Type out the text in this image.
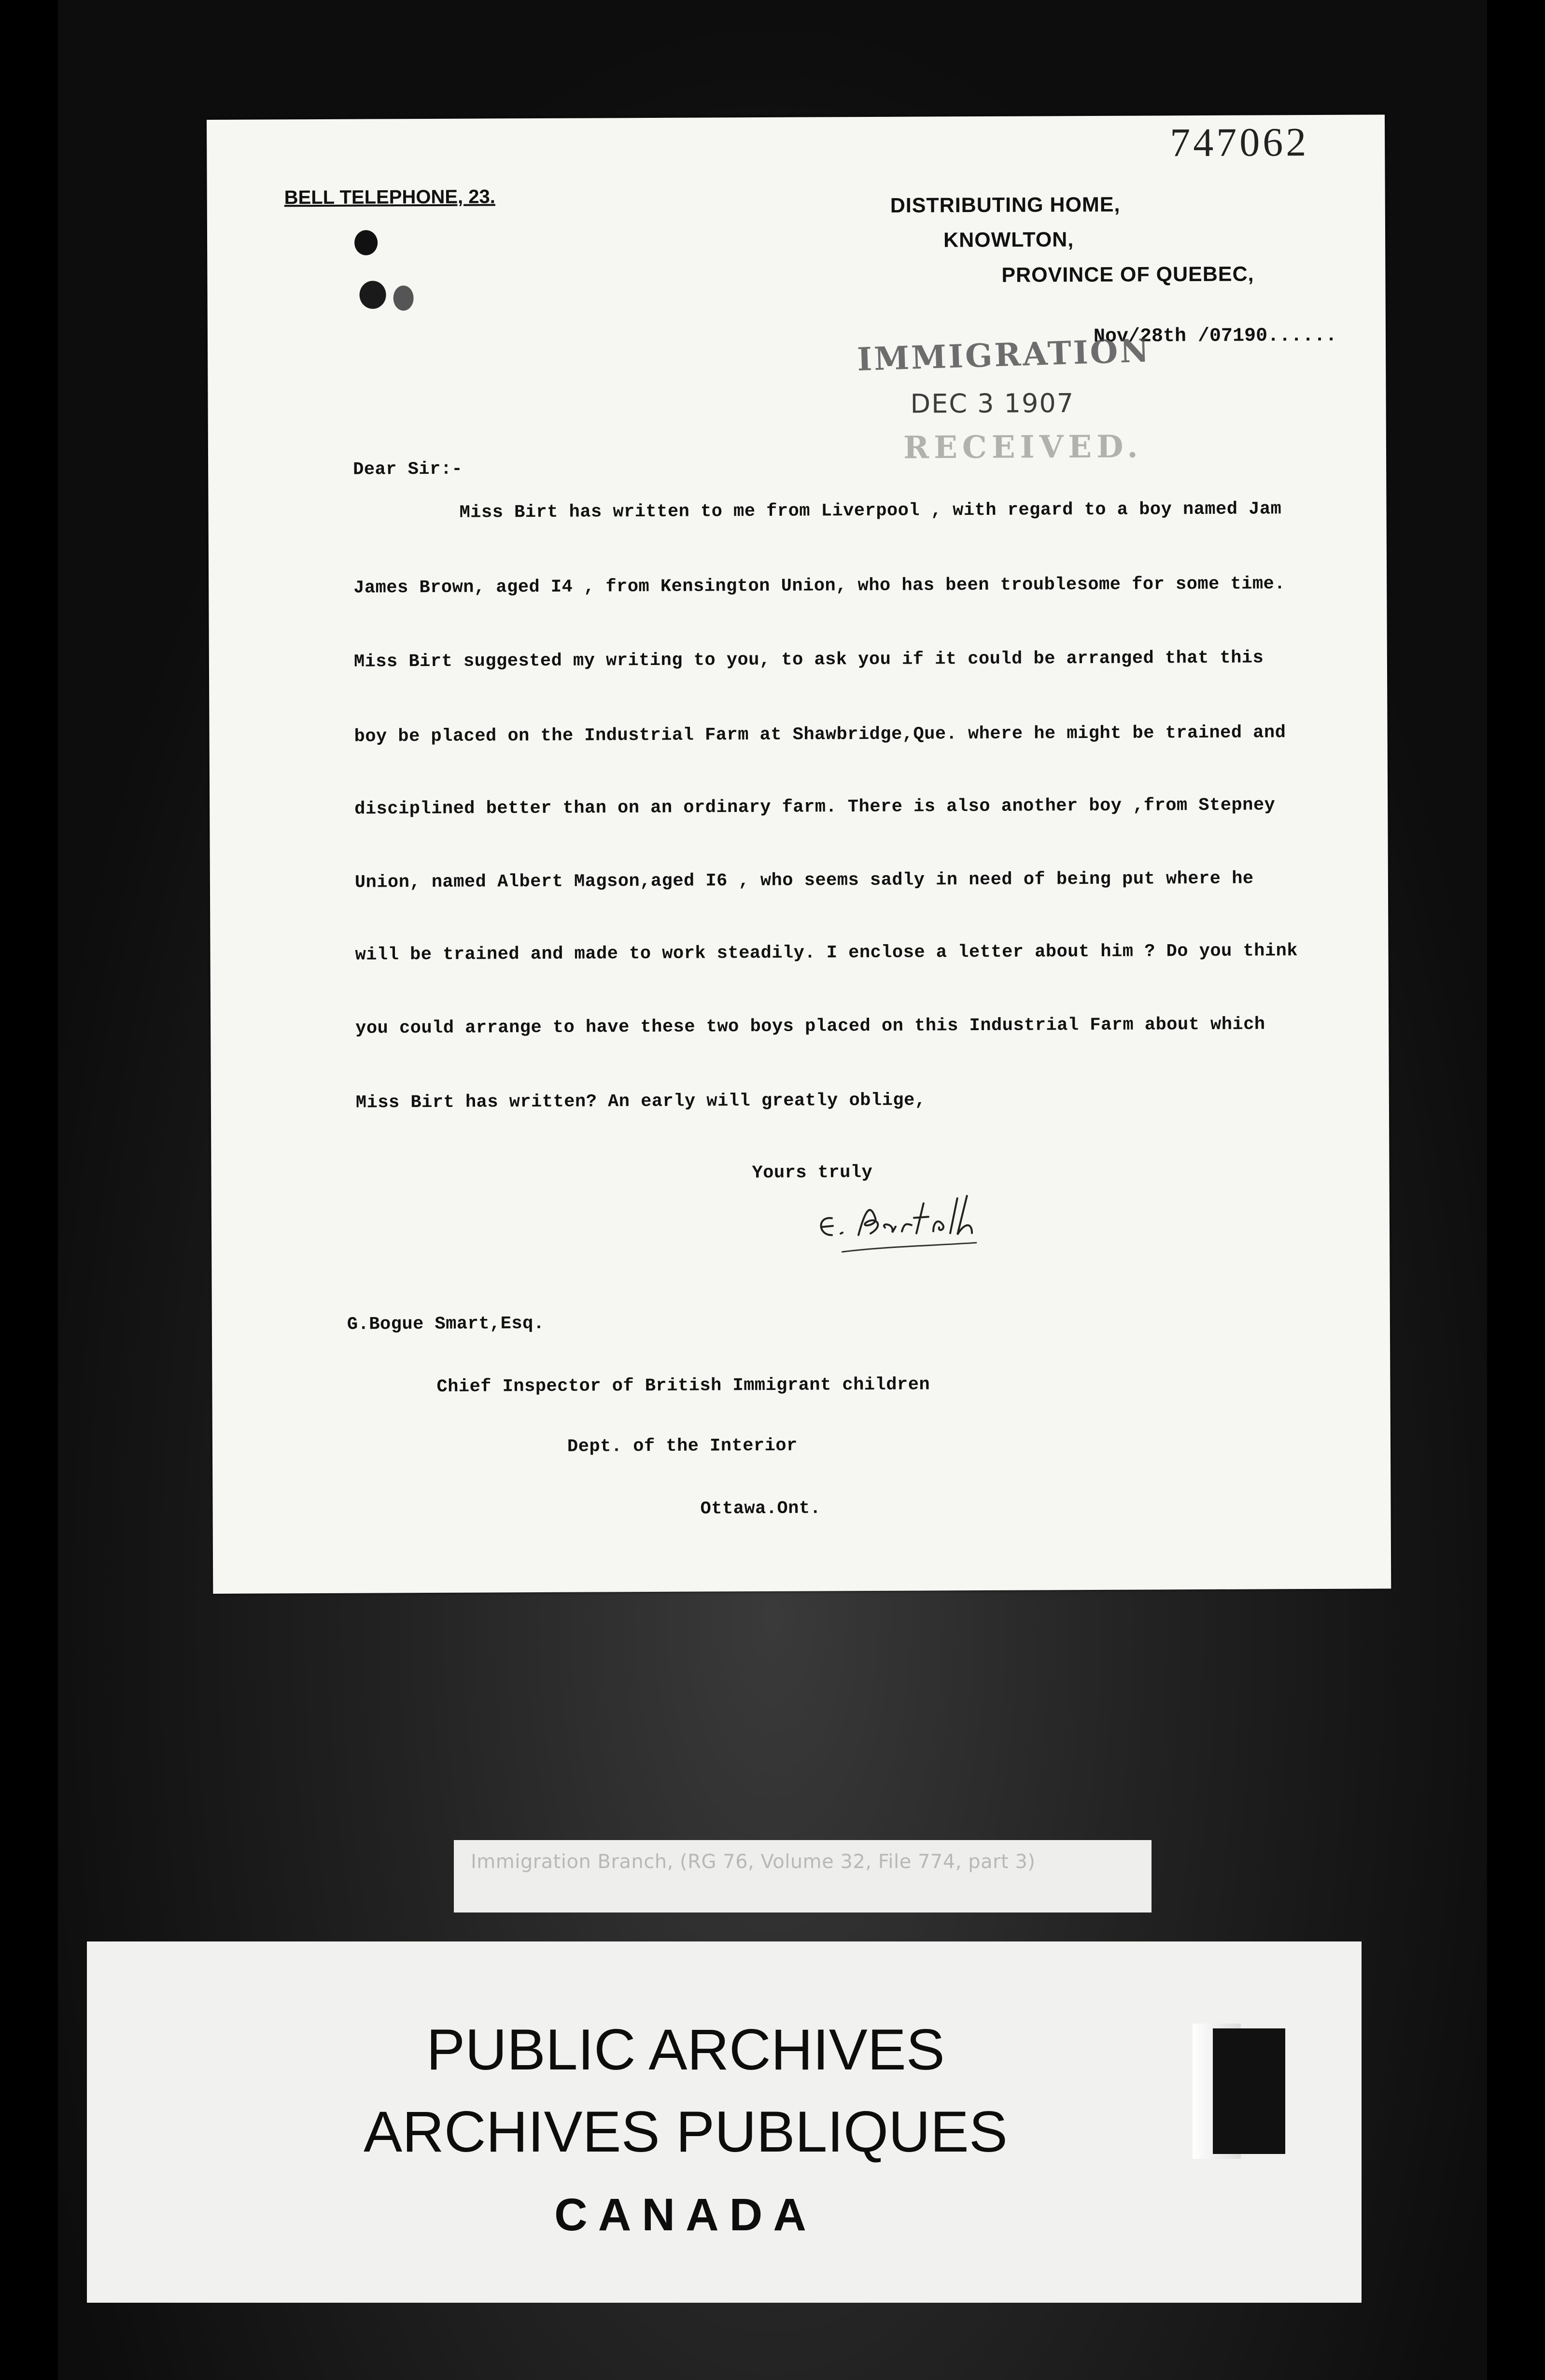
747062
BELL TELEPHONE, 23.	DISTRIBUTING HOME,
KNOWLTON,
PROVINCE OF QUEBEC,
Nov/28th /07190......
IMMIGRATION
DEC 3 1907
RECEIVED.
Dear Sir:-
Miss Birt has written to me from Liverpool , with regard to a boy named Jam
James Brown, aged I4 , from Kensington Union, who has been troublesome for some time.
Miss Birt suggested my writing to you, to ask you if it could be arranged that this
boy be placed on the Industrial Farm at Shawbridge,Que. where he might be trained and
disciplined better than on an ordinary farm. There is also another boy ,from Stepney
Union, named Albert Magson,aged I6 , who seems sadly in need of being put where he
will be trained and made to work steadily. I enclose a letter about him ? Do you think
you could arrange to have these two boys placed on this Industrial Farm about which
Miss Birt has written? An early will greatly oblige,
Yours truly
G.Bogue Smart,Esq.
Chief Inspector of British Immigrant children
Dept. of the Interior
Ottawa.Ont.
Immigration Branch, (RG 76, Volume 32, File 774, part 3)
PUBLIC ARCHIVES
ARCHIVES PUBLIQUES
CANADA
